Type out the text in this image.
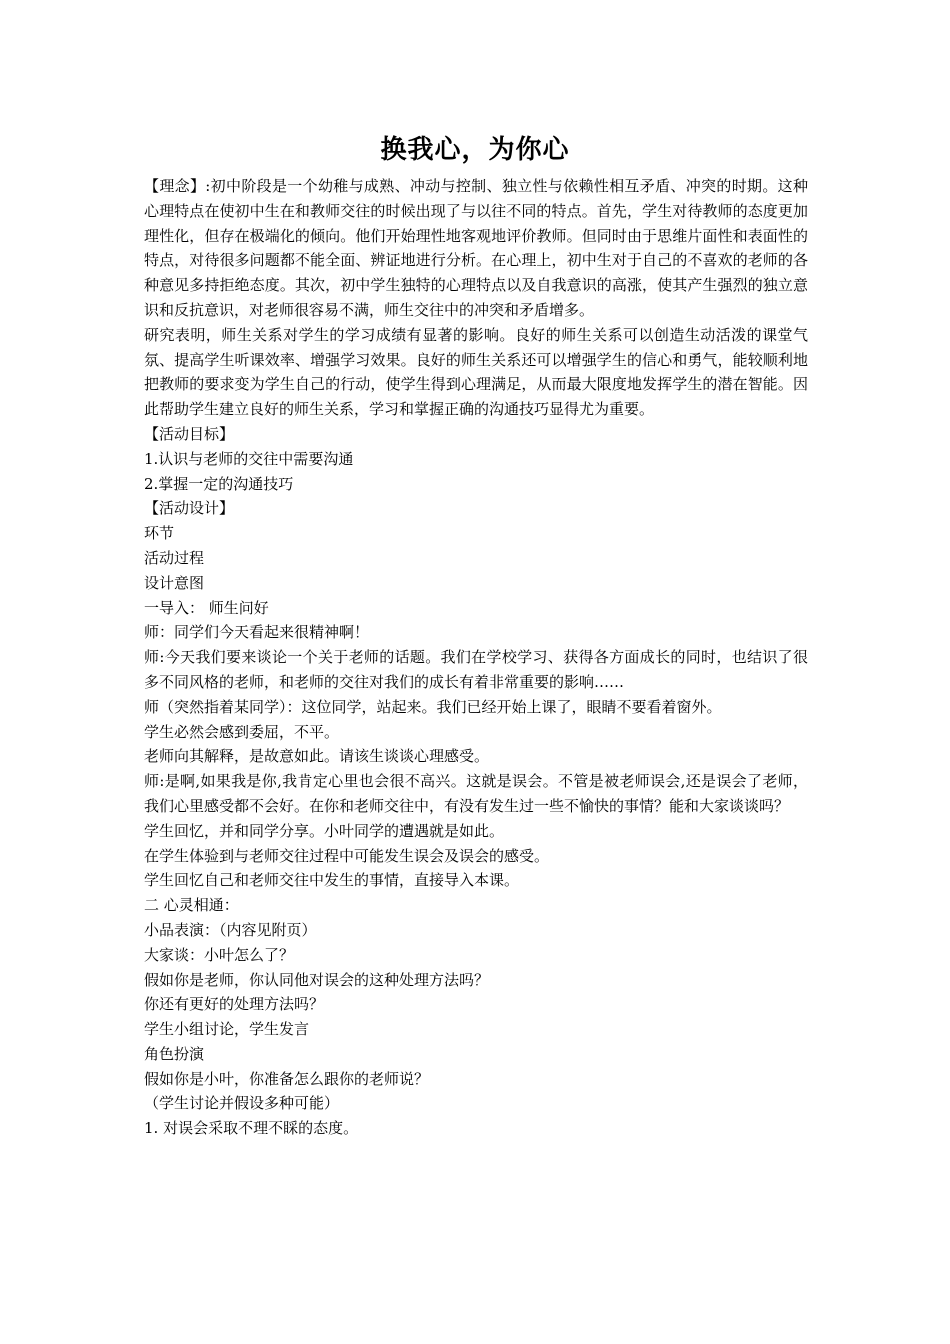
换我心，为你心

【理念】:初中阶段是一个幼稚与成熟、冲动与控制、独立性与依赖性相互矛盾、冲突的时期。这种心理特点在使初中生在和教师交往的时候出现了与以往不同的特点。首先，学生对待教师的态度更加理性化，但存在极端化的倾向。他们开始理性地客观地评价教师。但同时由于思维片面性和表面性的特点，对待很多问题都不能全面、辨证地进行分析。在心理上，初中生对于自己的不喜欢的老师的各种意见多持拒绝态度。其次，初中学生独特的心理特点以及自我意识的高涨，使其产生强烈的独立意识和反抗意识，对老师很容易不满，师生交往中的冲突和矛盾增多。

研究表明，师生关系对学生的学习成绩有显著的影响。良好的师生关系可以创造生动活泼的课堂气氛、提高学生听课效率、增强学习效果。良好的师生关系还可以增强学生的信心和勇气，能较顺利地把教师的要求变为学生自己的行动，使学生得到心理满足，从而最大限度地发挥学生的潜在智能。因此帮助学生建立良好的师生关系，学习和掌握正确的沟通技巧显得尤为重要。

【活动目标】

1.认识与老师的交往中需要沟通

2.掌握一定的沟通技巧

【活动设计】

环节

活动过程

设计意图

一导入： 师生问好

师：同学们今天看起来很精神啊！

师:今天我们要来谈论一个关于老师的话题。我们在学校学习、获得各方面成长的同时，也结识了很多不同风格的老师，和老师的交往对我们的成长有着非常重要的影响……

师（突然指着某同学）：这位同学，站起来。我们已经开始上课了，眼睛不要看着窗外。

学生必然会感到委屈，不平。

老师向其解释，是故意如此。请该生谈谈心理感受。

师:是啊,如果我是你,我肯定心里也会很不高兴。这就是误会。不管是被老师误会,还是误会了老师，我们心里感受都不会好。在你和老师交往中，有没有发生过一些不愉快的事情？能和大家谈谈吗？

学生回忆，并和同学分享。小叶同学的遭遇就是如此。

在学生体验到与老师交往过程中可能发生误会及误会的感受。

学生回忆自己和老师交往中发生的事情，直接导入本课。

二 心灵相通：

小品表演：（内容见附页）

大家谈：小叶怎么了？

假如你是老师，你认同他对误会的这种处理方法吗？

你还有更好的处理方法吗？

学生小组讨论，学生发言

角色扮演

假如你是小叶，你准备怎么跟你的老师说？

（学生讨论并假设多种可能）

1. 对误会采取不理不睬的态度。
